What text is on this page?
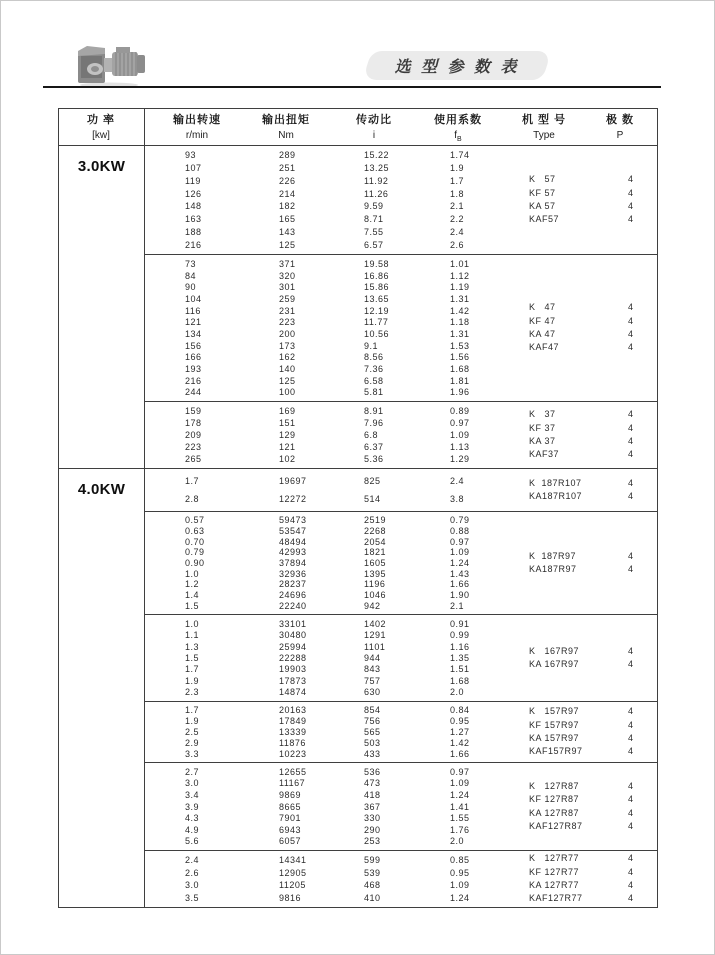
选 型 参 数 表
功 率
[kw]
输出转速
r/min
输出扭矩
Nm
传动比
i
使用系数
$f_B$
机 型 号
Type
极 数
P
3.0KW
93
107
119
126
148
163
188
216
289
251
226
214
182
165
143
125
15.22
13.25
11.92
11.26
9.59
8.71
7.55
6.57
1.74
1.9
1.7
1.8
2.1
2.2
2.4
2.6
K   57
KF 57
KA 57
KAF57
4
4
4
4
73
84
90
104
116
121
134
156
166
193
216
244
371
320
301
259
231
223
200
173
162
140
125
100
19.58
16.86
15.86
13.65
12.19
11.77
10.56
9.1
8.56
7.36
6.58
5.81
1.01
1.12
1.19
1.31
1.42
1.18
1.31
1.53
1.56
1.68
1.81
1.96
K   47
KF 47
KA 47
KAF47
4
4
4
4
159
178
209
223
265
169
151
129
121
102
8.91
7.96
6.8
6.37
5.36
0.89
0.97
1.09
1.13
1.29
K   37
KF 37
KA 37
KAF37
4
4
4
4
4.0KW	1.7
2.8
19697
12272
825
514
2.4
3.8
K  187R107
KA187R107
4
4
0.57
0.63
0.70
0.79
0.90
1.0
1.2
1.4
1.5
59473
53547
48494
42993
37894
32936
28237
24696
22240
2519
2268
2054
1821
1605
1395
1196
1046
942
0.79
0.88
0.97
1.09
1.24
1.43
1.66
1.90
2.1
K  187R97
KA187R97
4
4
1.0
1.1
1.3
1.5
1.7
1.9
2.3
33101
30480
25994
22288
19903
17873
14874
1402
1291
1101
944
843
757
630
0.91
0.99
1.16
1.35
1.51
1.68
2.0
K   167R97
KA 167R97
4
4
1.7
1.9
2.5
2.9
3.3
20163
17849
13339
11876
10223
854
756
565
503
433
0.84
0.95
1.27
1.42
1.66
K   157R97
KF 157R97
KA 157R97
KAF157R97
4
4
4
4
2.7
3.0
3.4
3.9
4.3
4.9
5.6
12655
11167
9869
8665
7901
6943
6057
536
473
418
367
330
290
253
0.97
1.09
1.24
1.41
1.55
1.76
2.0
K   127R87
KF 127R87
KA 127R87
KAF127R87
4
4
4
4
2.4
2.6
3.0
3.5
14341
12905
11205
9816
599
539
468
410
0.85
0.95
1.09
1.24
K   127R77
KF 127R77
KA 127R77
KAF127R77
4
4
4
4
